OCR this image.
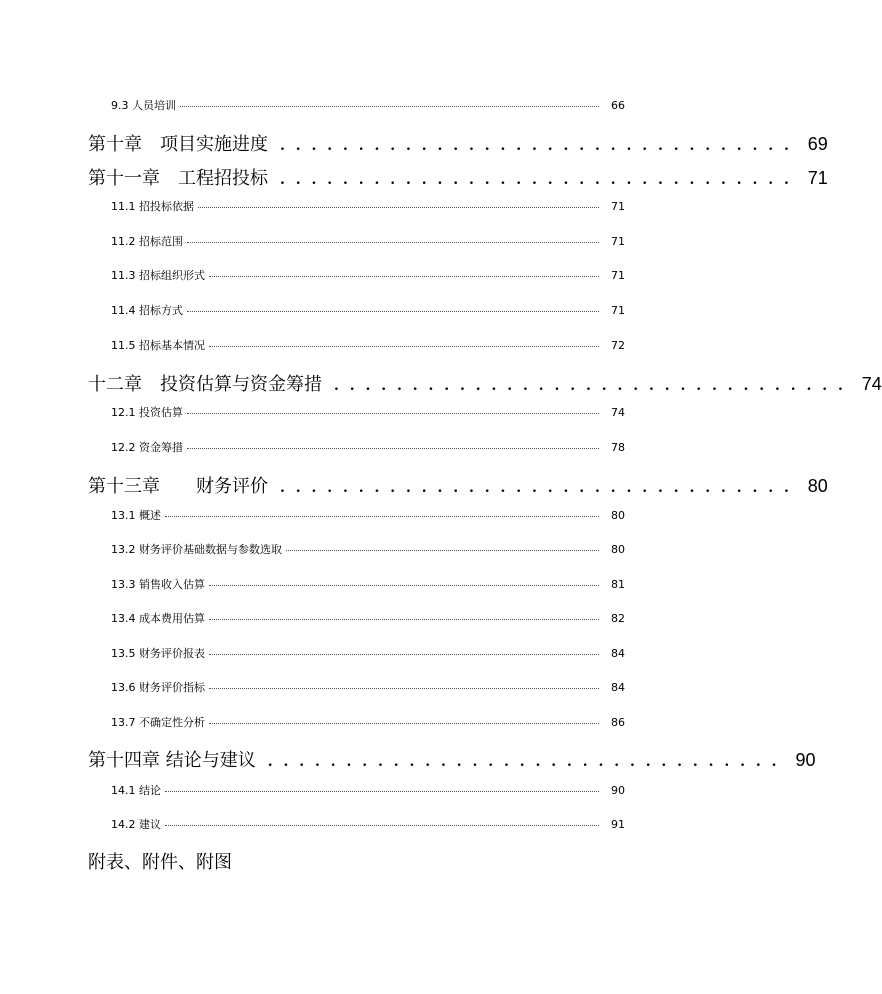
9.3 人员培训	66
第十章　项目实施进度 . . . . . . . . . . . . . . . . . . . . . . . . . . . . . . . . . 69
第十一章　工程招投标 . . . . . . . . . . . . . . . . . . . . . . . . . . . . . . . . . 71
11.1 招投标依据	71
11.2 招标范围	71
11.3 招标组织形式	71
11.4 招标方式	71
11.5 招标基本情况	72
十二章　投资估算与资金筹措 . . . . . . . . . . . . . . . . . . . . . . . . . . . . . . . . . 74
12.1 投资估算	74
12.2 资金筹措	78
第十三章　　财务评价 . . . . . . . . . . . . . . . . . . . . . . . . . . . . . . . . . 80
13.1 概述	80
13.2 财务评价基础数据与参数选取	80
13.3 销售收入估算	81
13.4 成本费用估算	82
13.5 财务评价报表	84
13.6 财务评价指标	84
13.7 不确定性分析	86
第十四章 结论与建议 . . . . . . . . . . . . . . . . . . . . . . . . . . . . . . . . . 90
14.1 结论	90
14.2 建议	91
附表、附件、附图
